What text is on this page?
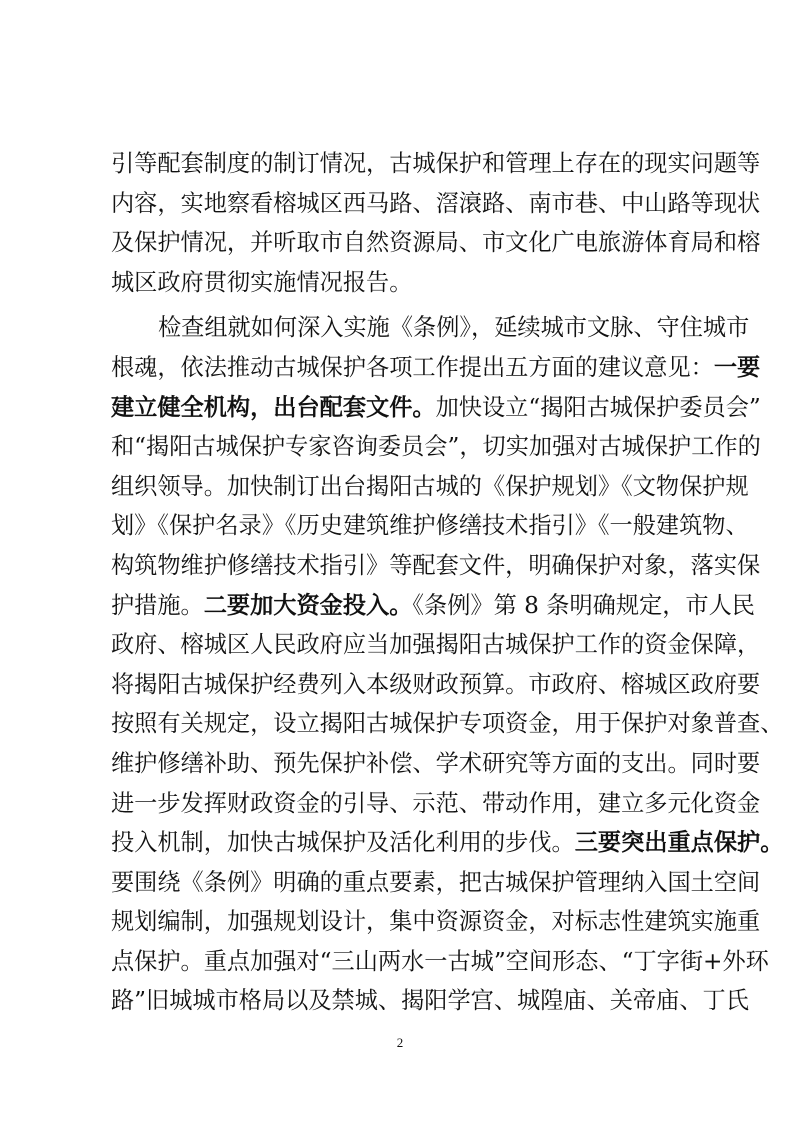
引等配套制度的制订情况，古城保护和管理上存在的现实问题等
内容，实地察看榕城区西马路、滘滖路、南市巷、中山路等现状
及保护情况，并听取市自然资源局、市文化广电旅游体育局和榕
城区政府贯彻实施情况报告。
检查组就如何深入实施《条例》，延续城市文脉、守住城市
根魂，依法推动古城保护各项工作提出五方面的建议意见：一要
建立健全机构，出台配套文件。加快设立“揭阳古城保护委员会”
和“揭阳古城保护专家咨询委员会”，切实加强对古城保护工作的
组织领导。加快制订出台揭阳古城的《保护规划》《文物保护规
划》《保护名录》《历史建筑维护修缮技术指引》《一般建筑物、
构筑物维护修缮技术指引》等配套文件，明确保护对象，落实保
护措施。二要加大资金投入。《条例》第 8 条明确规定，市人民
政府、榕城区人民政府应当加强揭阳古城保护工作的资金保障，
将揭阳古城保护经费列入本级财政预算。市政府、榕城区政府要
按照有关规定，设立揭阳古城保护专项资金，用于保护对象普查、
维护修缮补助、预先保护补偿、学术研究等方面的支出。同时要
进一步发挥财政资金的引导、示范、带动作用，建立多元化资金
投入机制，加快古城保护及活化利用的步伐。三要突出重点保护。
要围绕《条例》明确的重点要素，把古城保护管理纳入国土空间
规划编制，加强规划设计，集中资源资金，对标志性建筑实施重
点保护。重点加强对“三山两水一古城”空间形态、“丁字街+外环
路”旧城城市格局以及禁城、揭阳学宫、城隍庙、关帝庙、丁氏
2
